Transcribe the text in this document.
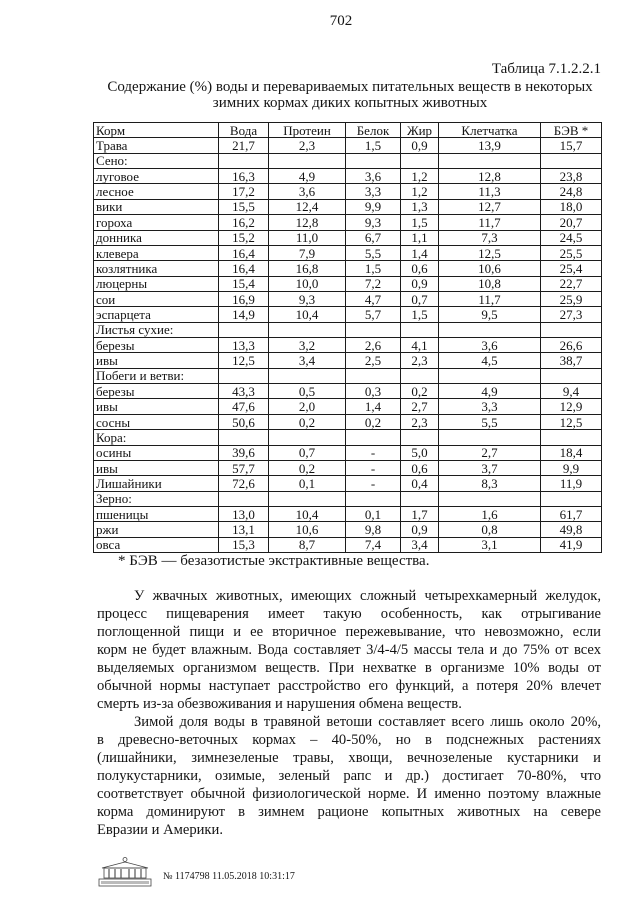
702
Таблица 7.1.2.2.1
Содержание (%) воды и перевариваемых питательных веществ в некоторых
зимних кормах диких копытных животных
Корм	Вода	Протеин	Белок	Жир	Клетчатка	БЭВ *
Трава	21,7	2,3	1,5	0,9	13,9	15,7
Сено:						
луговое	16,3	4,9	3,6	1,2	12,8	23,8
лесное	17,2	3,6	3,3	1,2	11,3	24,8
вики	15,5	12,4	9,9	1,3	12,7	18,0
гороха	16,2	12,8	9,3	1,5	11,7	20,7
донника	15,2	11,0	6,7	1,1	7,3	24,5
клевера	16,4	7,9	5,5	1,4	12,5	25,5
козлятника	16,4	16,8	1,5	0,6	10,6	25,4
люцерны	15,4	10,0	7,2	0,9	10,8	22,7
сои	16,9	9,3	4,7	0,7	11,7	25,9
эспарцета	14,9	10,4	5,7	1,5	9,5	27,3
Листья сухие:						
березы	13,3	3,2	2,6	4,1	3,6	26,6
ивы	12,5	3,4	2,5	2,3	4,5	38,7
Побеги и ветви:						
березы	43,3	0,5	0,3	0,2	4,9	9,4
ивы	47,6	2,0	1,4	2,7	3,3	12,9
сосны	50,6	0,2	0,2	2,3	5,5	12,5
Кора:						
осины	39,6	0,7	-	5,0	2,7	18,4
ивы	57,7	0,2	-	0,6	3,7	9,9
Лишайники	72,6	0,1	-	0,4	8,3	11,9
Зерно:						
пшеницы	13,0	10,4	0,1	1,7	1,6	61,7
ржи	13,1	10,6	9,8	0,9	0,8	49,8
овса	15,3	8,7	7,4	3,4	3,1	41,9
* БЭВ — безазотистые экстрактивные вещества.
У жвачных животных, имеющих сложный четырехкамерный желудок,
процесс пищеварения имеет такую особенность, как отрыгивание
поглощенной пищи и ее вторичное пережевывание, что невозможно, если
корм не будет влажным. Вода составляет 3/4-4/5 массы тела и до 75% от всех
выделяемых организмом веществ. При нехватке в организме 10% воды от
обычной нормы наступает расстройство его функций, а потеря 20% влечет
смерть из-за обезвоживания и нарушения обмена веществ.
Зимой доля воды в травяной ветоши составляет всего лишь около 20%,
в древесно-веточных кормах – 40-50%, но в подснежных растениях
(лишайники, зимнезеленые травы, хвощи, вечнозеленые кустарники и
полукустарники, озимые, зеленый рапс и др.) достигает 70-80%, что
соответствует обычной физиологической норме. И именно поэтому влажные
корма доминируют в зимнем рационе копытных животных на севере
Евразии и Америки.
№ 1174798 11.05.2018 10:31:17
